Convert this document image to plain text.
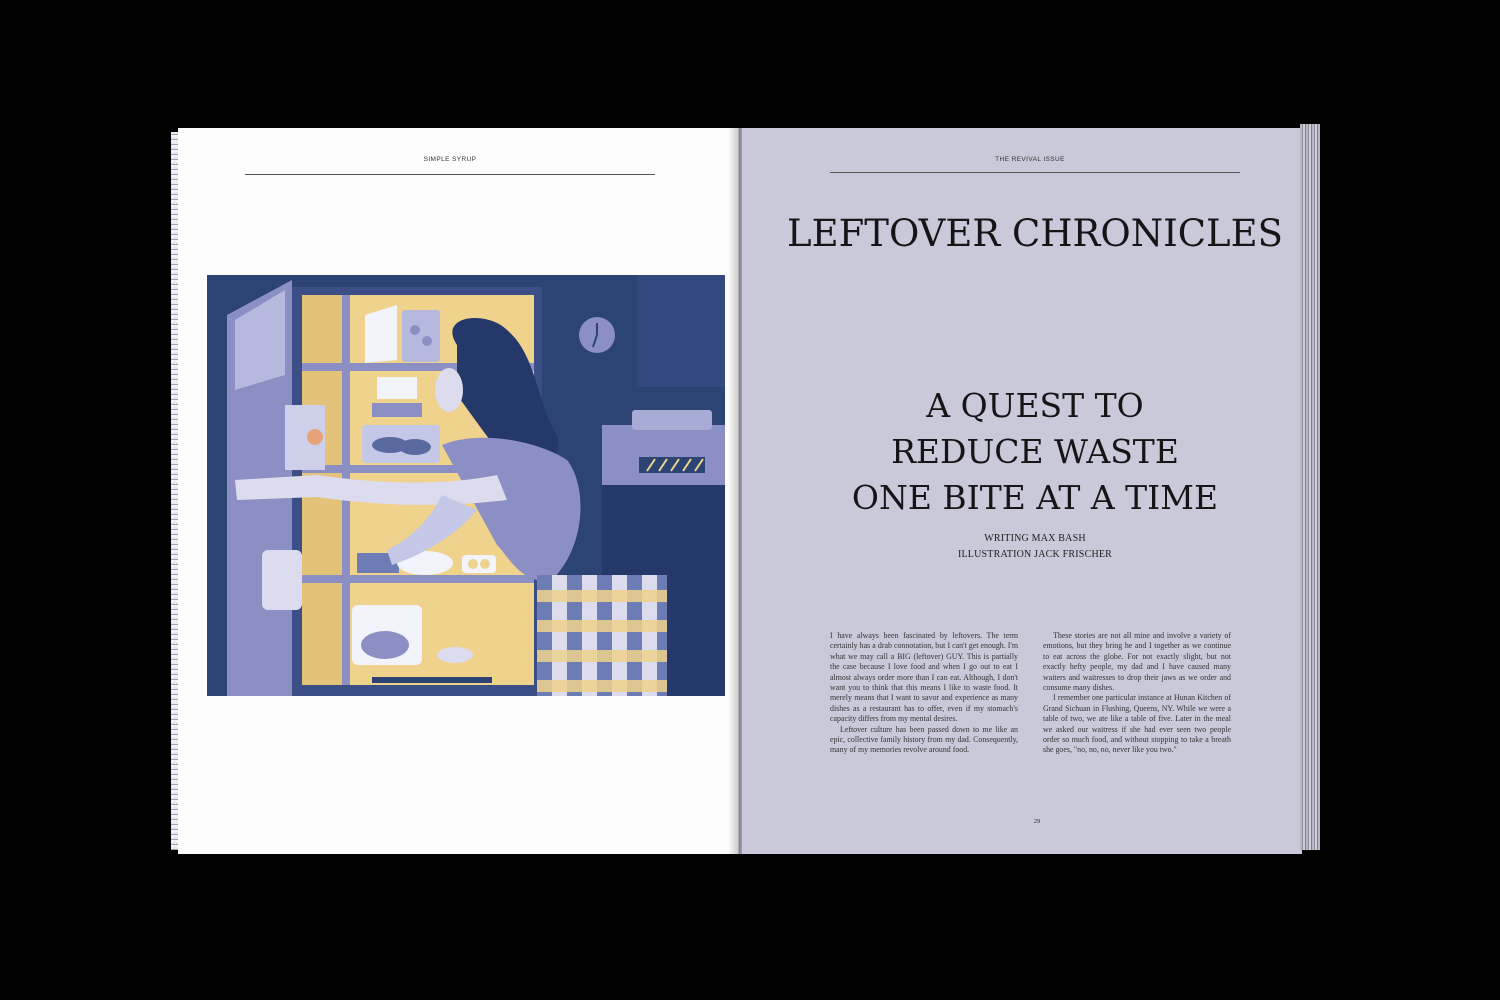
SIMPLE SYRUP	THE REVIVAL ISSUE
LEFTOVER CHRONICLES
A QUEST TO
REDUCE WASTE
ONE BITE AT A TIME
WRITING MAX BASH
ILLUSTRATION JACK FRISCHER

I have always been fascinated by leftovers. The term certainly has a drab connotation, but I can't get enough. I'm what we may call a BIG (leftover) GUY. This is partially the case because I love food and when I go out to eat I almost always order more than I can eat. Although, I don't want you to think that this means I like to waste food. It merely means that I want to savor and experience as many dishes as a restaurant has to offer, even if my stomach's capacity differs from my mental desires.

Leftover culture has been passed down to me like an epic, collective family history from my dad. Consequently, many of my memories revolve around food.

These stories are not all mine and involve a variety of emotions, but they bring he and I together as we continue to eat across the globe. For not exactly slight, but not exactly hefty people, my dad and I have caused many waiters and waitresses to drop their jaws as we order and consume many dishes.

I remember one particular instance at Hunan Kitchen of Grand Sichuan in Flushing, Queens, NY. While we were a table of two, we ate like a table of five. Later in the meal we asked our waitress if she had ever seen two people order so much food, and without stopping to take a breath she goes, "no, no, no, never like you two."

29
